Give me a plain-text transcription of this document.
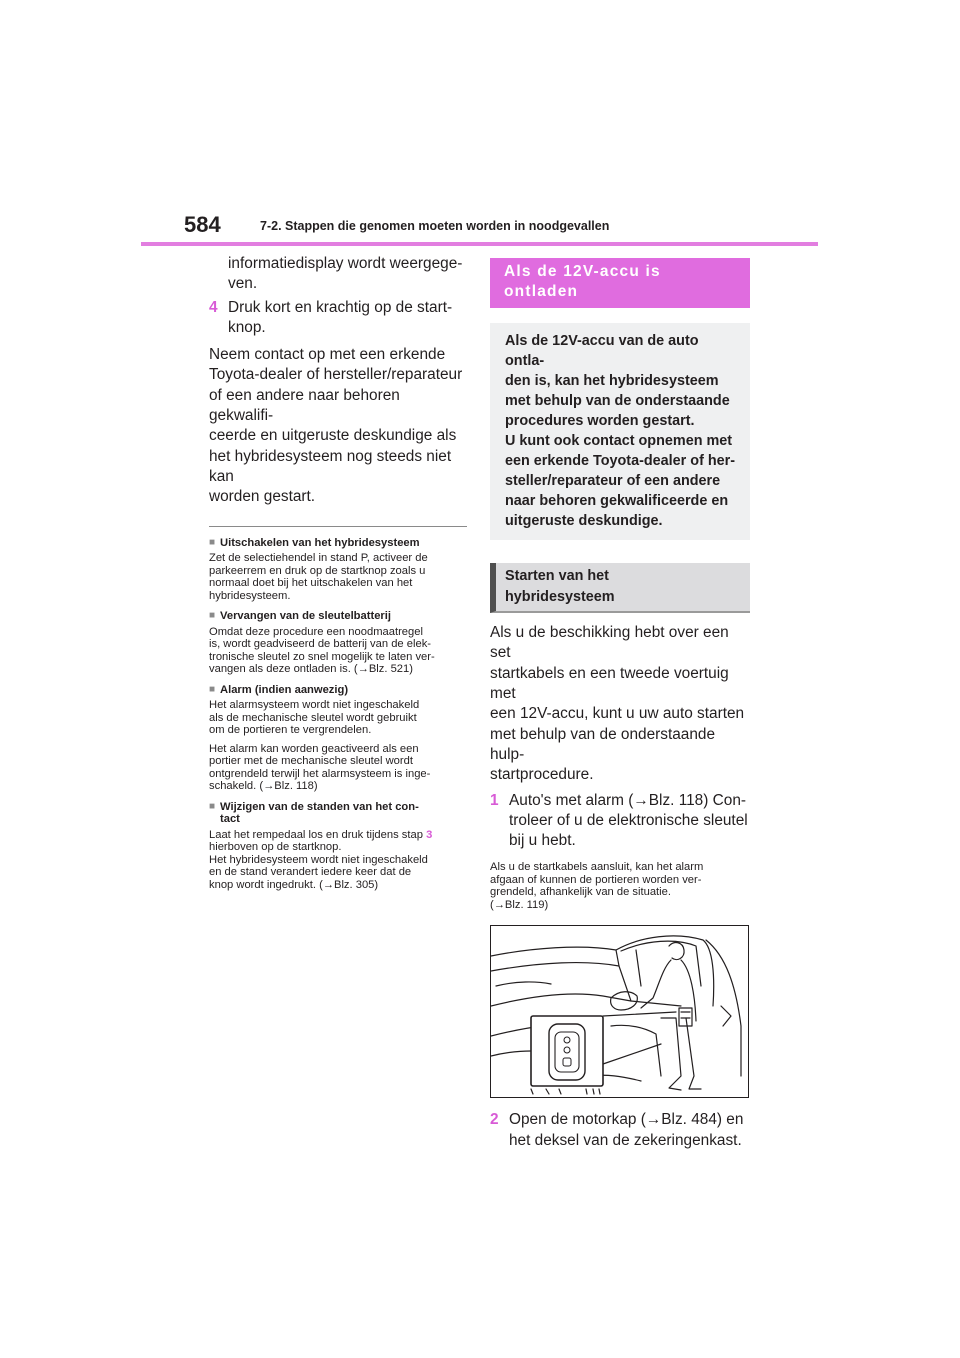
584	7-2. Stappen die genomen moeten worden in noodgevallen

informatiedisplay wordt weergege-
ven.

4 Druk kort en krachtig op de start-
knop.

Neem contact op met een erkende
Toyota-dealer of hersteller/reparateur
of een andere naar behoren gekwalifi-
ceerde en uitgeruste deskundige als
het hybridesysteem nog steeds niet kan
worden gestart.

■ Uitschakelen van het hybridesysteem

Zet de selectiehendel in stand P, activeer de
parkeerrem en druk op de startknop zoals u
normaal doet bij het uitschakelen van het
hybridesysteem.

■ Vervangen van de sleutelbatterij

Omdat deze procedure een noodmaatregel
is, wordt geadviseerd de batterij van de elek-
tronische sleutel zo snel mogelijk te laten ver-
vangen als deze ontladen is. (→Blz. 521)

■ Alarm (indien aanwezig)

Het alarmsysteem wordt niet ingeschakeld
als de mechanische sleutel wordt gebruikt
om de portieren te vergrendelen.

Het alarm kan worden geactiveerd als een
portier met de mechanische sleutel wordt
ontgrendeld terwijl het alarmsysteem is inge-
schakeld. (→Blz. 118)

■ Wijzigen van de standen van het con-
tact

Laat het rempedaal los en druk tijdens stap 3
hierboven op de startknop.
Het hybridesysteem wordt niet ingeschakeld
en de stand verandert iedere keer dat de
knop wordt ingedrukt. (→Blz. 305)

Als de 12V-accu is
ontladen

Als de 12V-accu van de auto ontla-
den is, kan het hybridesysteem
met behulp van de onderstaande
procedures worden gestart.
U kunt ook contact opnemen met
een erkende Toyota-dealer of her-
steller/reparateur of een andere
naar behoren gekwalificeerde en
uitgeruste deskundige.

Starten van het
hybridesysteem

Als u de beschikking hebt over een set
startkabels en een tweede voertuig met
een 12V-accu, kunt u uw auto starten
met behulp van de onderstaande hulp-
startprocedure.

1 Auto's met alarm (→Blz. 118) Con-
troleer of u de elektronische sleutel
bij u hebt.

Als u de startkabels aansluit, kan het alarm
afgaan of kunnen de portieren worden ver-
grendeld, afhankelijk van de situatie.
(→Blz. 119)

2 Open de motorkap (→Blz. 484) en
het deksel van de zekeringenkast.
